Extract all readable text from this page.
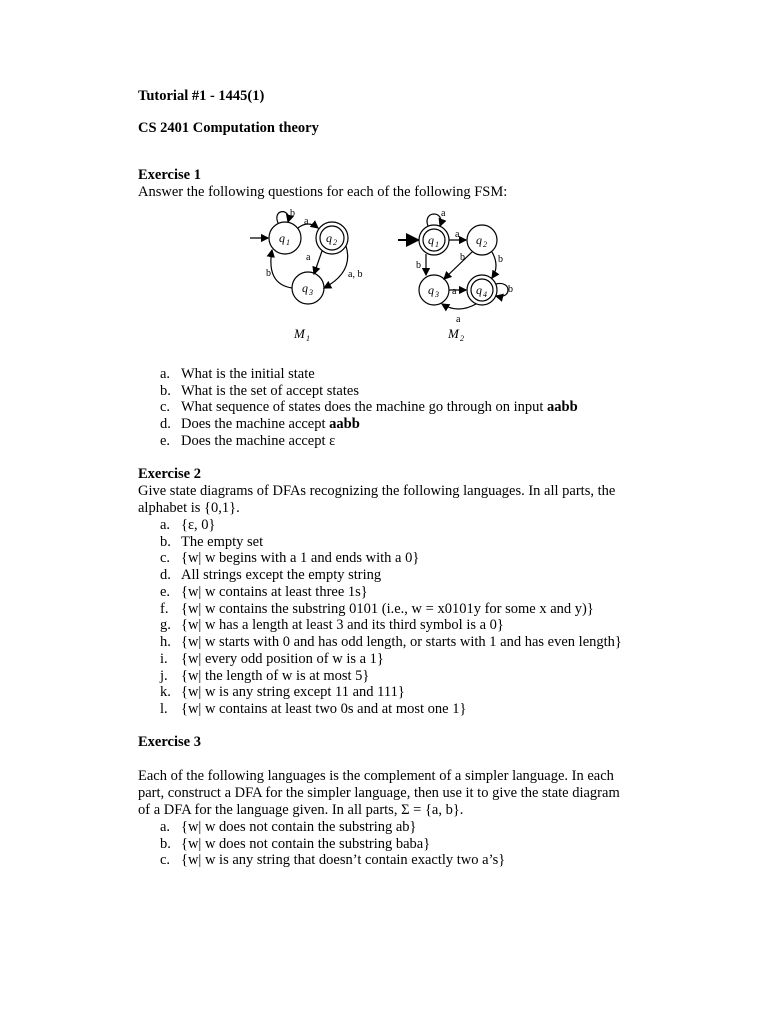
Tutorial #1 - 1445(1)
CS 2401 Computation theory
Exercise 1
Answer the following questions for each of the following FSM:
q 1	q 2
q 3
b
a
a
b	a, b
M 1
q 1	q 2
q 3	q 4
a
a
b
b	b
a
a
b
M 2
a. What is the initial state
b. What is the set of accept states
c. What sequence of states does the machine go through on input aabb
d. Does the machine accept aabb
e. Does the machine accept ε
Exercise 2
Give state diagrams of DFAs recognizing the following languages. In all parts, the
alphabet is {0,1}.
a. {ε, 0}
b. The empty set
c. {w| w begins with a 1 and ends with a 0}
d. All strings except the empty string
e. {w| w contains at least three 1s}
f. {w| w contains the substring 0101 (i.e., w = x0101y for some x and y)}
g. {w| w has a length at least 3 and its third symbol is a 0}
h. {w| w starts with 0 and has odd length, or starts with 1 and has even length}
i. {w| every odd position of w is a 1}
j. {w| the length of w is at most 5}
k. {w| w is any string except 11 and 111}
l. {w| w contains at least two 0s and at most one 1}
Exercise 3
Each of the following languages is the complement of a simpler language. In each
part, construct a DFA for the simpler language, then use it to give the state diagram
of a DFA for the language given. In all parts, Σ = {a, b}.
a. {w| w does not contain the substring ab}
b. {w| w does not contain the substring baba}
c. {w| w is any string that doesn’t contain exactly two a’s}
